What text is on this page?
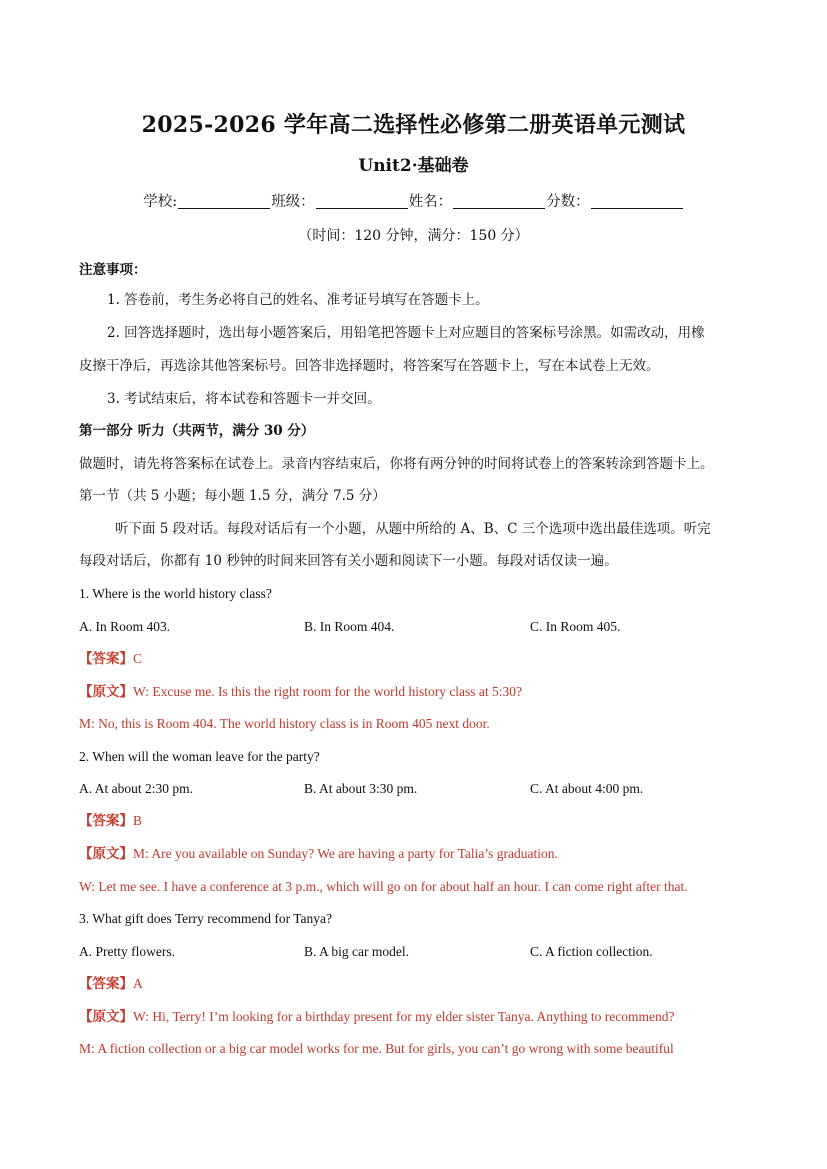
2025-2026 学年高二选择性必修第二册英语单元测试
Unit2·基础卷
学校:	班级：	姓名：	分数：
（时间：120 分钟，满分：150 分）
注意事项：
1. 答卷前，考生务必将自己的姓名、准考证号填写在答题卡上。
2. 回答选择题时，选出每小题答案后，用铅笔把答题卡上对应题目的答案标号涂黑。如需改动，用橡
皮擦干净后，再选涂其他答案标号。回答非选择题时，将答案写在答题卡上，写在本试卷上无效。
3. 考试结束后，将本试卷和答题卡一并交回。
第一部分 听力（共两节，满分 30 分）
做题时，请先将答案标在试卷上。录音内容结束后，你将有两分钟的时间将试卷上的答案转涂到答题卡上。
第一节（共 5 小题；每小题 1.5 分，满分 7.5 分）
听下面 5 段对话。每段对话后有一个小题，从题中所给的 A、B、C 三个选项中选出最佳选项。听完
每段对话后，你都有 10 秒钟的时间来回答有关小题和阅读下一小题。每段对话仅读一遍。
1. Where is the world history class?
A. In Room 403.	B. In Room 404.	C. In Room 405.
【答案】C
【原文】W: Excuse me. Is this the right room for the world history class at 5:30?
M: No, this is Room 404. The world history class is in Room 405 next door.
2. When will the woman leave for the party?
A. At about 2:30 pm.	B. At about 3:30 pm.	C. At about 4:00 pm.
【答案】B
【原文】M: Are you available on Sunday? We are having a party for Talia’s graduation.
W: Let me see. I have a conference at 3 p.m., which will go on for about half an hour. I can come right after that.
3. What gift does Terry recommend for Tanya?
A. Pretty flowers.	B. A big car model.	C. A fiction collection.
【答案】A
【原文】W: Hi, Terry! I’m looking for a birthday present for my elder sister Tanya. Anything to recommend?
M: A fiction collection or a big car model works for me. But for girls, you can’t go wrong with some beautiful
